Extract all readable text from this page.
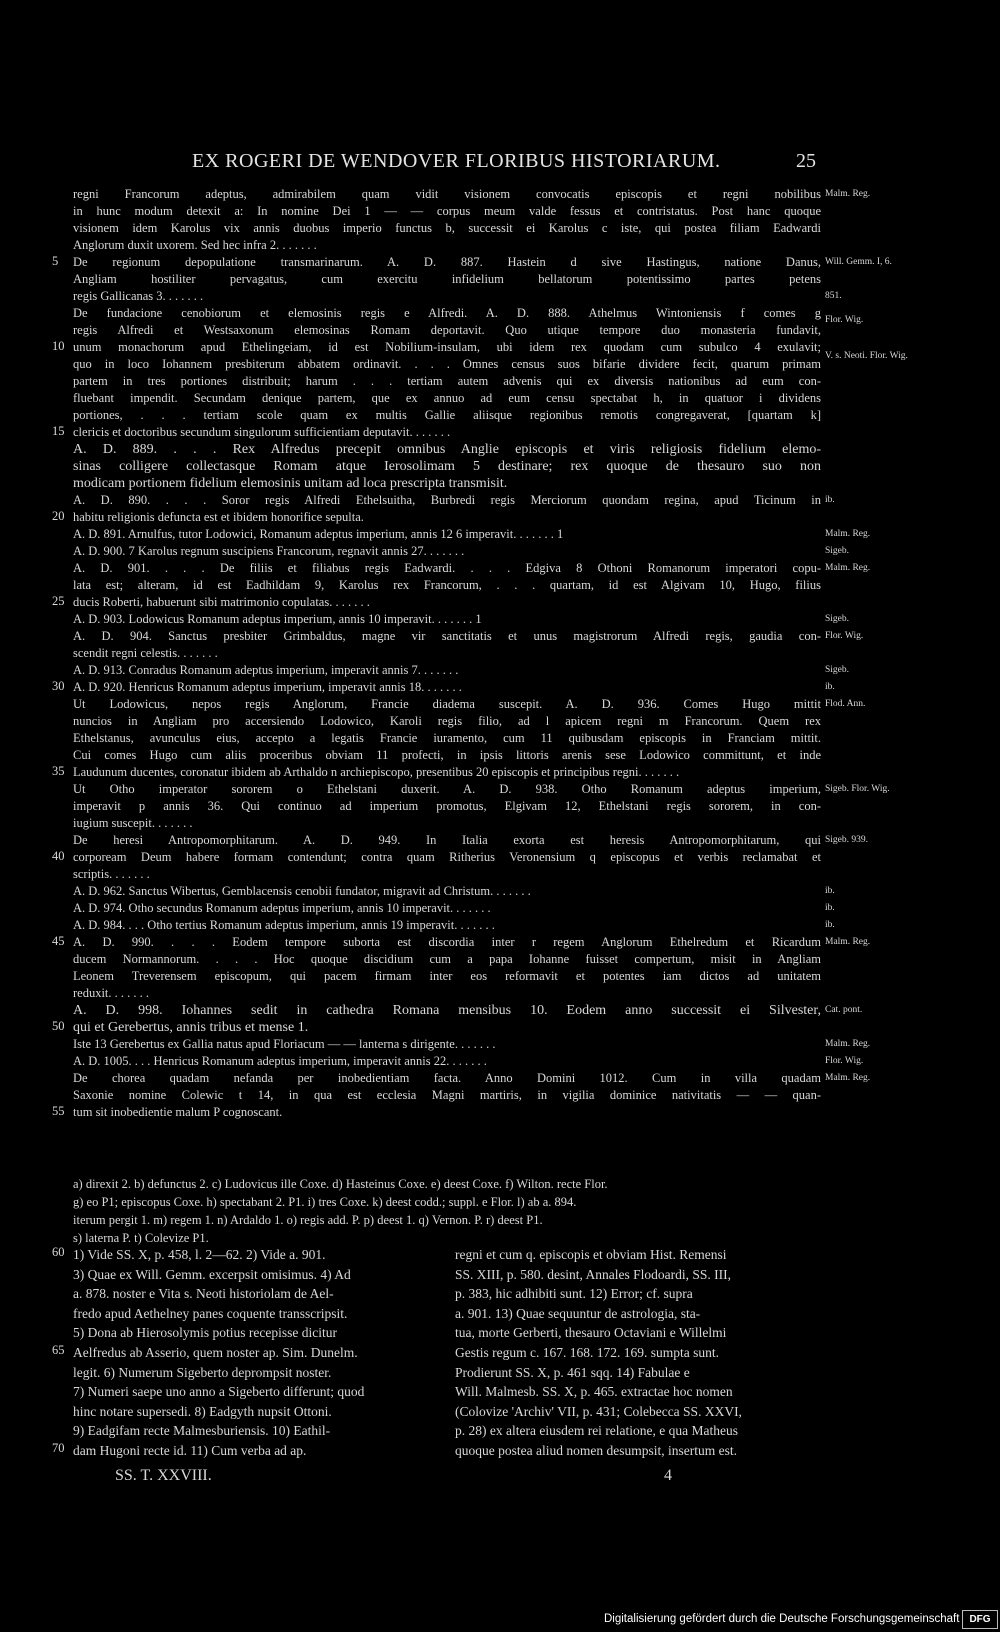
EX ROGERI DE WENDOVER FLORIBUS HISTORIARUM.	25
regni Francorum adeptus, admirabilem quam vidit visionem convocatis episcopis et regni nobilibus
in hunc modum detexit a: In nomine Dei 1 — — corpus meum valde fessus et contristatus. Post hanc quoque
visionem idem Karolus vix annis duobus imperio functus b, successit ei Karolus c iste, qui postea filiam Eadwardi
Anglorum duxit uxorem. Sed hec infra 2. . . . . . .
De regionum depopulatione transmarinarum. A. D. 887. Hastein d sive Hastingus, natione Danus,
Angliam hostiliter pervagatus, cum exercitu infidelium bellatorum potentissimo partes petens
regis Gallicanas 3. . . . . . .
De fundacione cenobiorum et elemosinis regis e Alfredi. A. D. 888. Athelmus Wintoniensis f comes g
regis Alfredi et Westsaxonum elemosinas Romam deportavit. Quo utique tempore duo monasteria fundavit,
unum monachorum apud Ethelingeiam, id est Nobilium-insulam, ubi idem rex quodam cum subulco 4 exulavit;
quo in loco Iohannem presbiterum abbatem ordinavit. . . . Omnes census suos bifarie dividere fecit, quarum primam
partem in tres portiones distribuit; harum . . . tertiam autem advenis qui ex diversis nationibus ad eum con-
fluebant impendit. Secundam denique partem, que ex annuo ad eum censu spectabat h, in quatuor i dividens
portiones, . . . tertiam scole quam ex multis Gallie aliisque regionibus remotis congregaverat, [quartam k]
clericis et doctoribus secundum singulorum sufficientiam deputavit. . . . . . .
A. D. 889. . . . Rex Alfredus precepit omnibus Anglie episcopis et viris religiosis fidelium elemo-
sinas colligere collectasque Romam atque Ierosolimam 5 destinare; rex quoque de thesauro suo non
modicam portionem fidelium elemosinis unitam ad loca prescripta transmisit.
A. D. 890. . . . Soror regis Alfredi Ethelsuitha, Burbredi regis Merciorum quondam regina, apud Ticinum in
habitu religionis defuncta est et ibidem honorifice sepulta.
A. D. 891. Arnulfus, tutor Lodowici, Romanum adeptus imperium, annis 12 6 imperavit. . . . . . . 1
A. D. 900. 7 Karolus regnum suscipiens Francorum, regnavit annis 27. . . . . . .
A. D. 901. . . . De filiis et filiabus regis Eadwardi. . . . Edgiva 8 Othoni Romanorum imperatori copu-
lata est; alteram, id est Eadhildam 9, Karolus rex Francorum, . . . quartam, id est Algivam 10, Hugo, filius
ducis Roberti, habuerunt sibi matrimonio copulatas. . . . . . .
A. D. 903. Lodowicus Romanum adeptus imperium, annis 10 imperavit. . . . . . . 1
A. D. 904. Sanctus presbiter Grimbaldus, magne vir sanctitatis et unus magistrorum Alfredi regis, gaudia con-
scendit regni celestis. . . . . . .
A. D. 913. Conradus Romanum adeptus imperium, imperavit annis 7. . . . . . .
A. D. 920. Henricus Romanum adeptus imperium, imperavit annis 18. . . . . . .
Ut Lodowicus, nepos regis Anglorum, Francie diadema suscepit. A. D. 936. Comes Hugo mittit
nuncios in Angliam pro accersiendo Lodowico, Karoli regis filio, ad l apicem regni m Francorum. Quem rex
Ethelstanus, avunculus eius, accepto a legatis Francie iuramento, cum 11 quibusdam episcopis in Franciam mittit.
Cui comes Hugo cum aliis proceribus obviam 11 profecti, in ipsis littoris arenis sese Lodowico committunt, et inde
Laudunum ducentes, coronatur ibidem ab Arthaldo n archiepiscopo, presentibus 20 episcopis et principibus regni. . . . . . .
Ut Otho imperator sororem o Ethelstani duxerit. A. D. 938. Otho Romanum adeptus imperium,
imperavit p annis 36. Qui continuo ad imperium promotus, Elgivam 12, Ethelstani regis sororem, in con-
iugium suscepit. . . . . . .
De heresi Antropomorphitarum. A. D. 949. In Italia exorta est heresis Antropomorphitarum, qui
corpoream Deum habere formam contendunt; contra quam Ritherius Veronensium q episcopus et verbis reclamabat et
scriptis. . . . . . .
A. D. 962. Sanctus Wibertus, Gemblacensis cenobii fundator, migravit ad Christum. . . . . . .
A. D. 974. Otho secundus Romanum adeptus imperium, annis 10 imperavit. . . . . . .
A. D. 984. . . . Otho tertius Romanum adeptus imperium, annis 19 imperavit. . . . . . .
A. D. 990. . . . Eodem tempore suborta est discordia inter r regem Anglorum Ethelredum et Ricardum
ducem Normannorum. . . . Hoc quoque discidium cum a papa Iohanne fuisset compertum, misit in Angliam
Leonem Treverensem episcopum, qui pacem firmam inter eos reformavit et potentes iam dictos ad unitatem
reduxit. . . . . . .
A. D. 998. Iohannes sedit in cathedra Romana mensibus 10. Eodem anno successit ei Silvester,
qui et Gerebertus, annis tribus et mense 1.
Iste 13 Gerebertus ex Gallia natus apud Floriacum — — lanterna s dirigente. . . . . . .
A. D. 1005. . . . Henricus Romanum adeptus imperium, imperavit annis 22. . . . . . .
De chorea quadam nefanda per inobedientiam facta. Anno Domini 1012. Cum in villa quadam
Saxonie nomine Colewic t 14, in qua est ecclesia Magni martiris, in vigilia dominice nativitatis — — quan-
tum sit inobedientie malum P cognoscant.
5
10
15
20
25
30
35
40
45
50
55
Malm. Reg.
Will. Gemm. I, 6.
851.
Flor. Wig.
V. s. Neoti. Flor. Wig.
ib.
Malm. Reg.
Sigeb.
Malm. Reg.
Sigeb.
Flor. Wig.
Sigeb.
ib.
Flod. Ann.
Sigeb. Flor. Wig.
Sigeb. 939.
ib.
ib.
ib.
Malm. Reg.
Cat. pont.
Malm. Reg.
Flor. Wig.
Malm. Reg.
a) direxit 2. b) defunctus 2. c) Ludovicus ille Coxe. d) Hasteinus Coxe. e) deest Coxe. f) Wilton. recte Flor.
g) eo P1; episcopus Coxe. h) spectabant 2. P1. i) tres Coxe. k) deest codd.; suppl. e Flor. l) ab a. 894.
iterum pergit 1. m) regem 1. n) Ardaldo 1. o) regis add. P. p) deest 1. q) Vernon. P. r) deest P1.
s) laterna P. t) Colevize P1.
1) Vide SS. X, p. 458, l. 2—62. 2) Vide a. 901.
3) Quae ex Will. Gemm. excerpsit omisimus. 4) Ad
a. 878. noster e Vita s. Neoti historiolam de Ael-
fredo apud Aethelney panes coquente transscripsit.
5) Dona ab Hierosolymis potius recepisse dicitur
Aelfredus ab Asserio, quem noster ap. Sim. Dunelm.
legit. 6) Numerum Sigeberto deprompsit noster.
7) Numeri saepe uno anno a Sigeberto differunt; quod
hinc notare supersedi. 8) Eadgyth nupsit Ottoni.
9) Eadgifam recte Malmesburiensis. 10) Eathil-
dam Hugoni recte id. 11) Cum verba ad ap.
regni et cum q. episcopis et obviam Hist. Remensi
SS. XIII, p. 580. desint, Annales Flodoardi, SS. III,
p. 383, hic adhibiti sunt. 12) Error; cf. supra
a. 901. 13) Quae sequuntur de astrologia, sta-
tua, morte Gerberti, thesauro Octaviani e Willelmi
Gestis regum c. 167. 168. 172. 169. sumpta sunt.
Prodierunt SS. X, p. 461 sqq. 14) Fabulae e
Will. Malmesb. SS. X, p. 465. extractae hoc nomen
(Colovize 'Archiv' VII, p. 431; Colebecca SS. XXVI,
p. 28) ex altera eiusdem rei relatione, e qua Matheus
quoque postea aliud nomen desumpsit, insertum est.
60
65
70
SS. T. XXVIII.	4
Digitalisierung gefördert durch die Deutsche Forschungsgemeinschaft	DFG
